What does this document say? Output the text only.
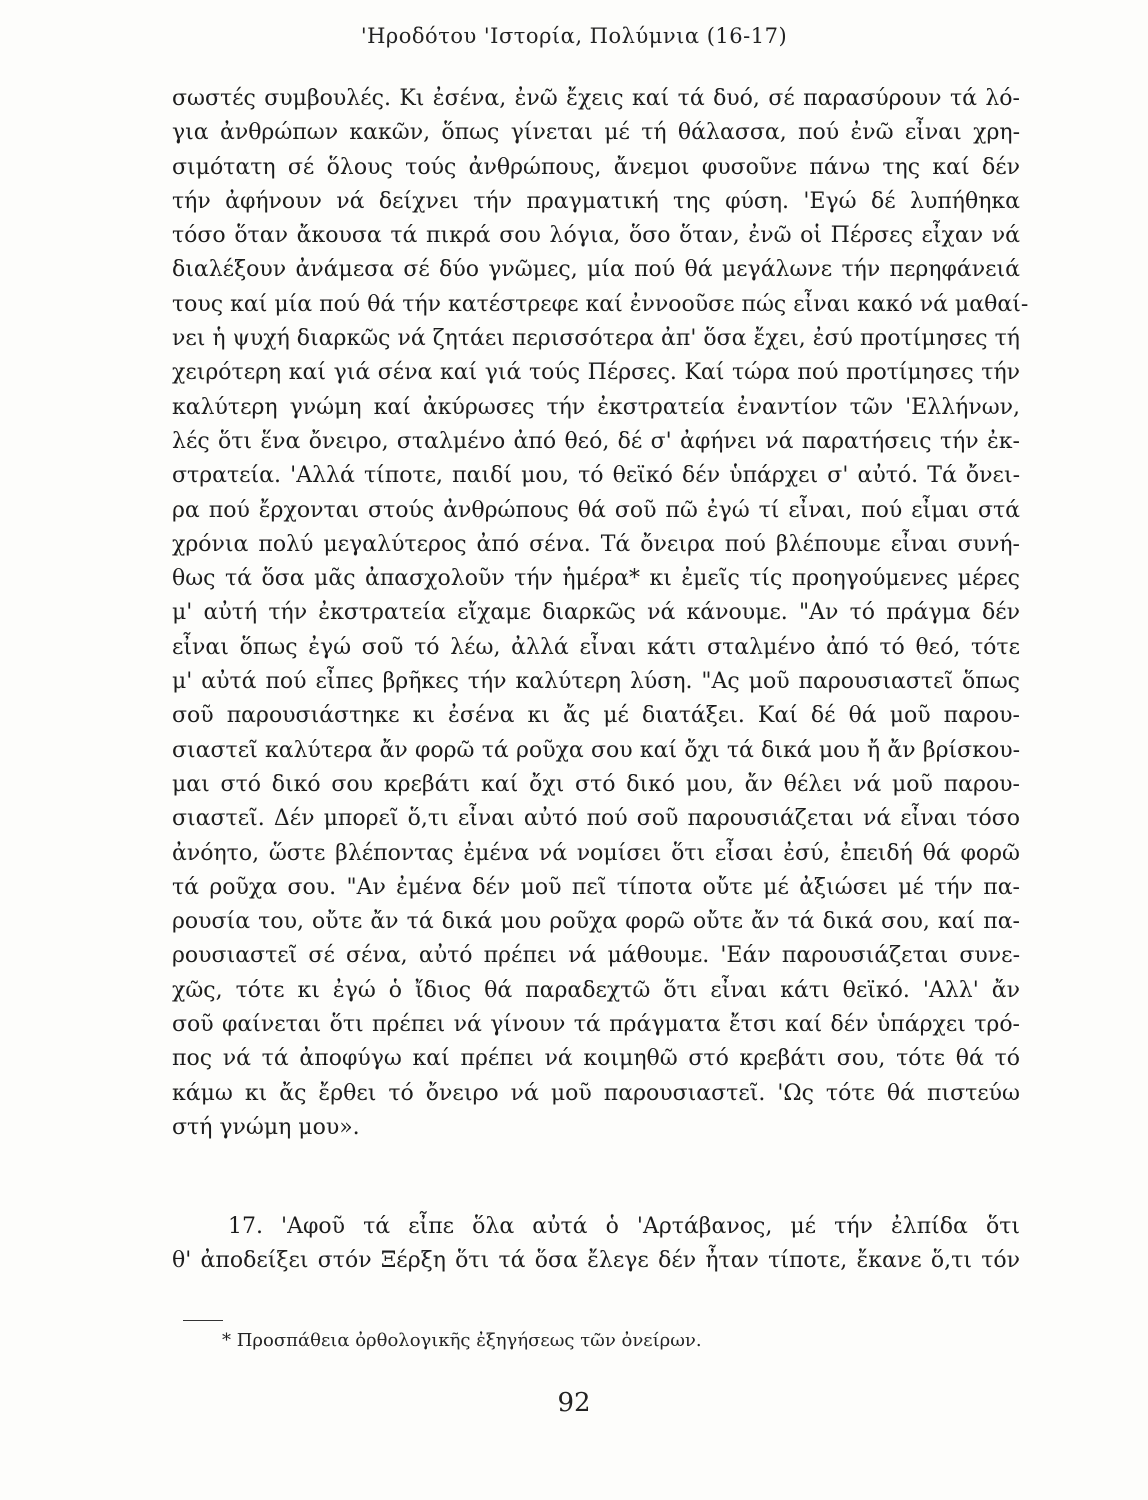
'Ηροδότου 'Ιστορία, Πολύμνια (16-17)
σωστές συμβουλές. Κι ἐσένα, ἐνῶ ἔχεις καί τά δυό, σέ παρασύρουν τά λό-
για ἀνθρώπων κακῶν, ὅπως γίνεται μέ τή θάλασσα, πού ἐνῶ εἶναι χρη-
σιμότατη σέ ὅλους τούς ἀνθρώπους, ἄνεμοι φυσοῦνε πάνω της καί δέν
τήν ἀφήνουν νά δείχνει τήν πραγματική της φύση. 'Εγώ δέ λυπήθηκα
τόσο ὅταν ἄκουσα τά πικρά σου λόγια, ὅσο ὅταν, ἐνῶ οἱ Πέρσες εἶχαν νά
διαλέξουν ἀνάμεσα σέ δύο γνῶμες, μία πού θά μεγάλωνε τήν περηφάνειά
τους καί μία πού θά τήν κατέστρεφε καί ἐννοοῦσε πώς εἶναι κακό νά μαθαί-
νει ἡ ψυχή διαρκῶς νά ζητάει περισσότερα ἀπ' ὅσα ἔχει, ἐσύ προτίμησες τή
χειρότερη καί γιά σένα καί γιά τούς Πέρσες. Καί τώρα πού προτίμησες τήν
καλύτερη γνώμη καί ἀκύρωσες τήν ἐκστρατεία ἐναντίον τῶν 'Ελλήνων,
λές ὅτι ἕνα ὄνειρο, σταλμένο ἀπό θεό, δέ σ' ἀφήνει νά παρατήσεις τήν ἐκ-
στρατεία. 'Αλλά τίποτε, παιδί μου, τό θεϊκό δέν ὑπάρχει σ' αὐτό. Τά ὄνει-
ρα πού ἔρχονται στούς ἀνθρώπους θά σοῦ πῶ ἐγώ τί εἶναι, πού εἶμαι στά
χρόνια πολύ μεγαλύτερος ἀπό σένα. Τά ὄνειρα πού βλέπουμε εἶναι συνή-
θως τά ὅσα μᾶς ἀπασχολοῦν τήν ἡμέρα* κι ἐμεῖς τίς προηγούμενες μέρες
μ' αὐτή τήν ἐκστρατεία εἴχαμε διαρκῶς νά κάνουμε. "Αν τό πράγμα δέν
εἶναι ὅπως ἐγώ σοῦ τό λέω, ἀλλά εἶναι κάτι σταλμένο ἀπό τό θεό, τότε
μ' αὐτά πού εἶπες βρῆκες τήν καλύτερη λύση. "Ας μοῦ παρουσιαστεῖ ὅπως
σοῦ παρουσιάστηκε κι ἐσένα κι ἄς μέ διατάξει. Καί δέ θά μοῦ παρου-
σιαστεῖ καλύτερα ἄν φορῶ τά ροῦχα σου καί ὄχι τά δικά μου ἤ ἄν βρίσκου-
μαι στό δικό σου κρεβάτι καί ὄχι στό δικό μου, ἄν θέλει νά μοῦ παρου-
σιαστεῖ. Δέν μπορεῖ ὅ,τι εἶναι αὐτό πού σοῦ παρουσιάζεται νά εἶναι τόσο
ἀνόητο, ὥστε βλέποντας ἐμένα νά νομίσει ὅτι εἶσαι ἐσύ, ἐπειδή θά φορῶ
τά ροῦχα σου. "Αν ἐμένα δέν μοῦ πεῖ τίποτα οὔτε μέ ἀξιώσει μέ τήν πα-
ρουσία του, οὔτε ἄν τά δικά μου ροῦχα φορῶ οὔτε ἄν τά δικά σου, καί πα-
ρουσιαστεῖ σέ σένα, αὐτό πρέπει νά μάθουμε. 'Εάν παρουσιάζεται συνε-
χῶς, τότε κι ἐγώ ὁ ἴδιος θά παραδεχτῶ ὅτι εἶναι κάτι θεϊκό. 'Αλλ' ἄν
σοῦ φαίνεται ὅτι πρέπει νά γίνουν τά πράγματα ἔτσι καί δέν ὑπάρχει τρό-
πος νά τά ἀποφύγω καί πρέπει νά κοιμηθῶ στό κρεβάτι σου, τότε θά τό
κάμω κι ἄς ἔρθει τό ὄνειρο νά μοῦ παρουσιαστεῖ. 'Ως τότε θά πιστεύω
στή γνώμη μου».
17. 'Αφοῦ τά εἶπε ὅλα αὐτά ὁ 'Αρτάβανος, μέ τήν ἐλπίδα ὅτι
θ' ἀποδείξει στόν Ξέρξη ὅτι τά ὅσα ἔλεγε δέν ἦταν τίποτε, ἔκανε ὅ,τι τόν
* Προσπάθεια ὀρθολογικῆς ἐξηγήσεως τῶν ὀνείρων.
92
